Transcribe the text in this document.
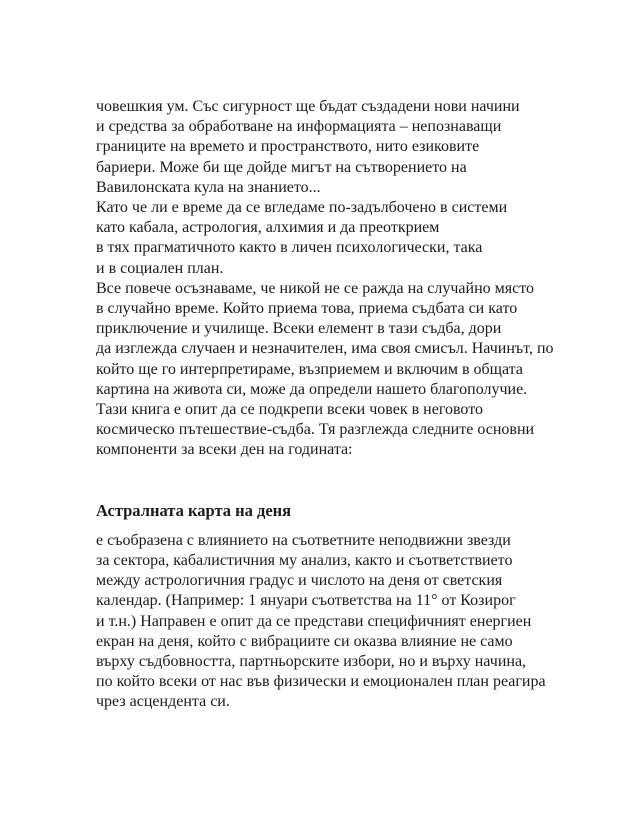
човешкия ум. Със сигурност ще бъдат създадени нови начини
и средства за обработване на информацията – непознаващи
границите на времето и пространството, нито езиковите
бариери. Може би ще дойде мигът на сътворението на
Вавилонската кула на знанието...
Като че ли е време да се вгледаме по-задълбочено в системи
като кабала, астрология, алхимия и да преоткрием
в тях прагматичното както в личен психологически, така
и в социален план.
Все повече осъзнаваме, че никой не се ражда на случайно място
в случайно време. Който приема това, приема съдбата си като
приключение и училище. Всеки елемент в тази съдба, дори
да изглежда случаен и незначителен, има своя смисъл. Начинът, по
който ще го интерпретираме, възприемем и включим в общата
картина на живота си, може да определи нашето благополучие.
Тази книга е опит да се подкрепи всеки човек в неговото
космическо пътешествие-съдба. Тя разглежда следните основни
компоненти за всеки ден на годината:
Астралната карта на деня
е съобразена с влиянието на съответните неподвижни звезди
за сектора, кабалистичния му анализ, както и съответствието
между астрологичния градус и числото на деня от светския
календар. (Например: 1 януари съответства на 11° от Козирог
и т.н.) Направен е опит да се представи специфичният енергиен
екран на деня, който с вибрациите си оказва влияние не само
върху съдбовността, партньорските избори, но и върху начина,
по който всеки от нас във физически и емоционален план реагира
чрез асцендента си.
